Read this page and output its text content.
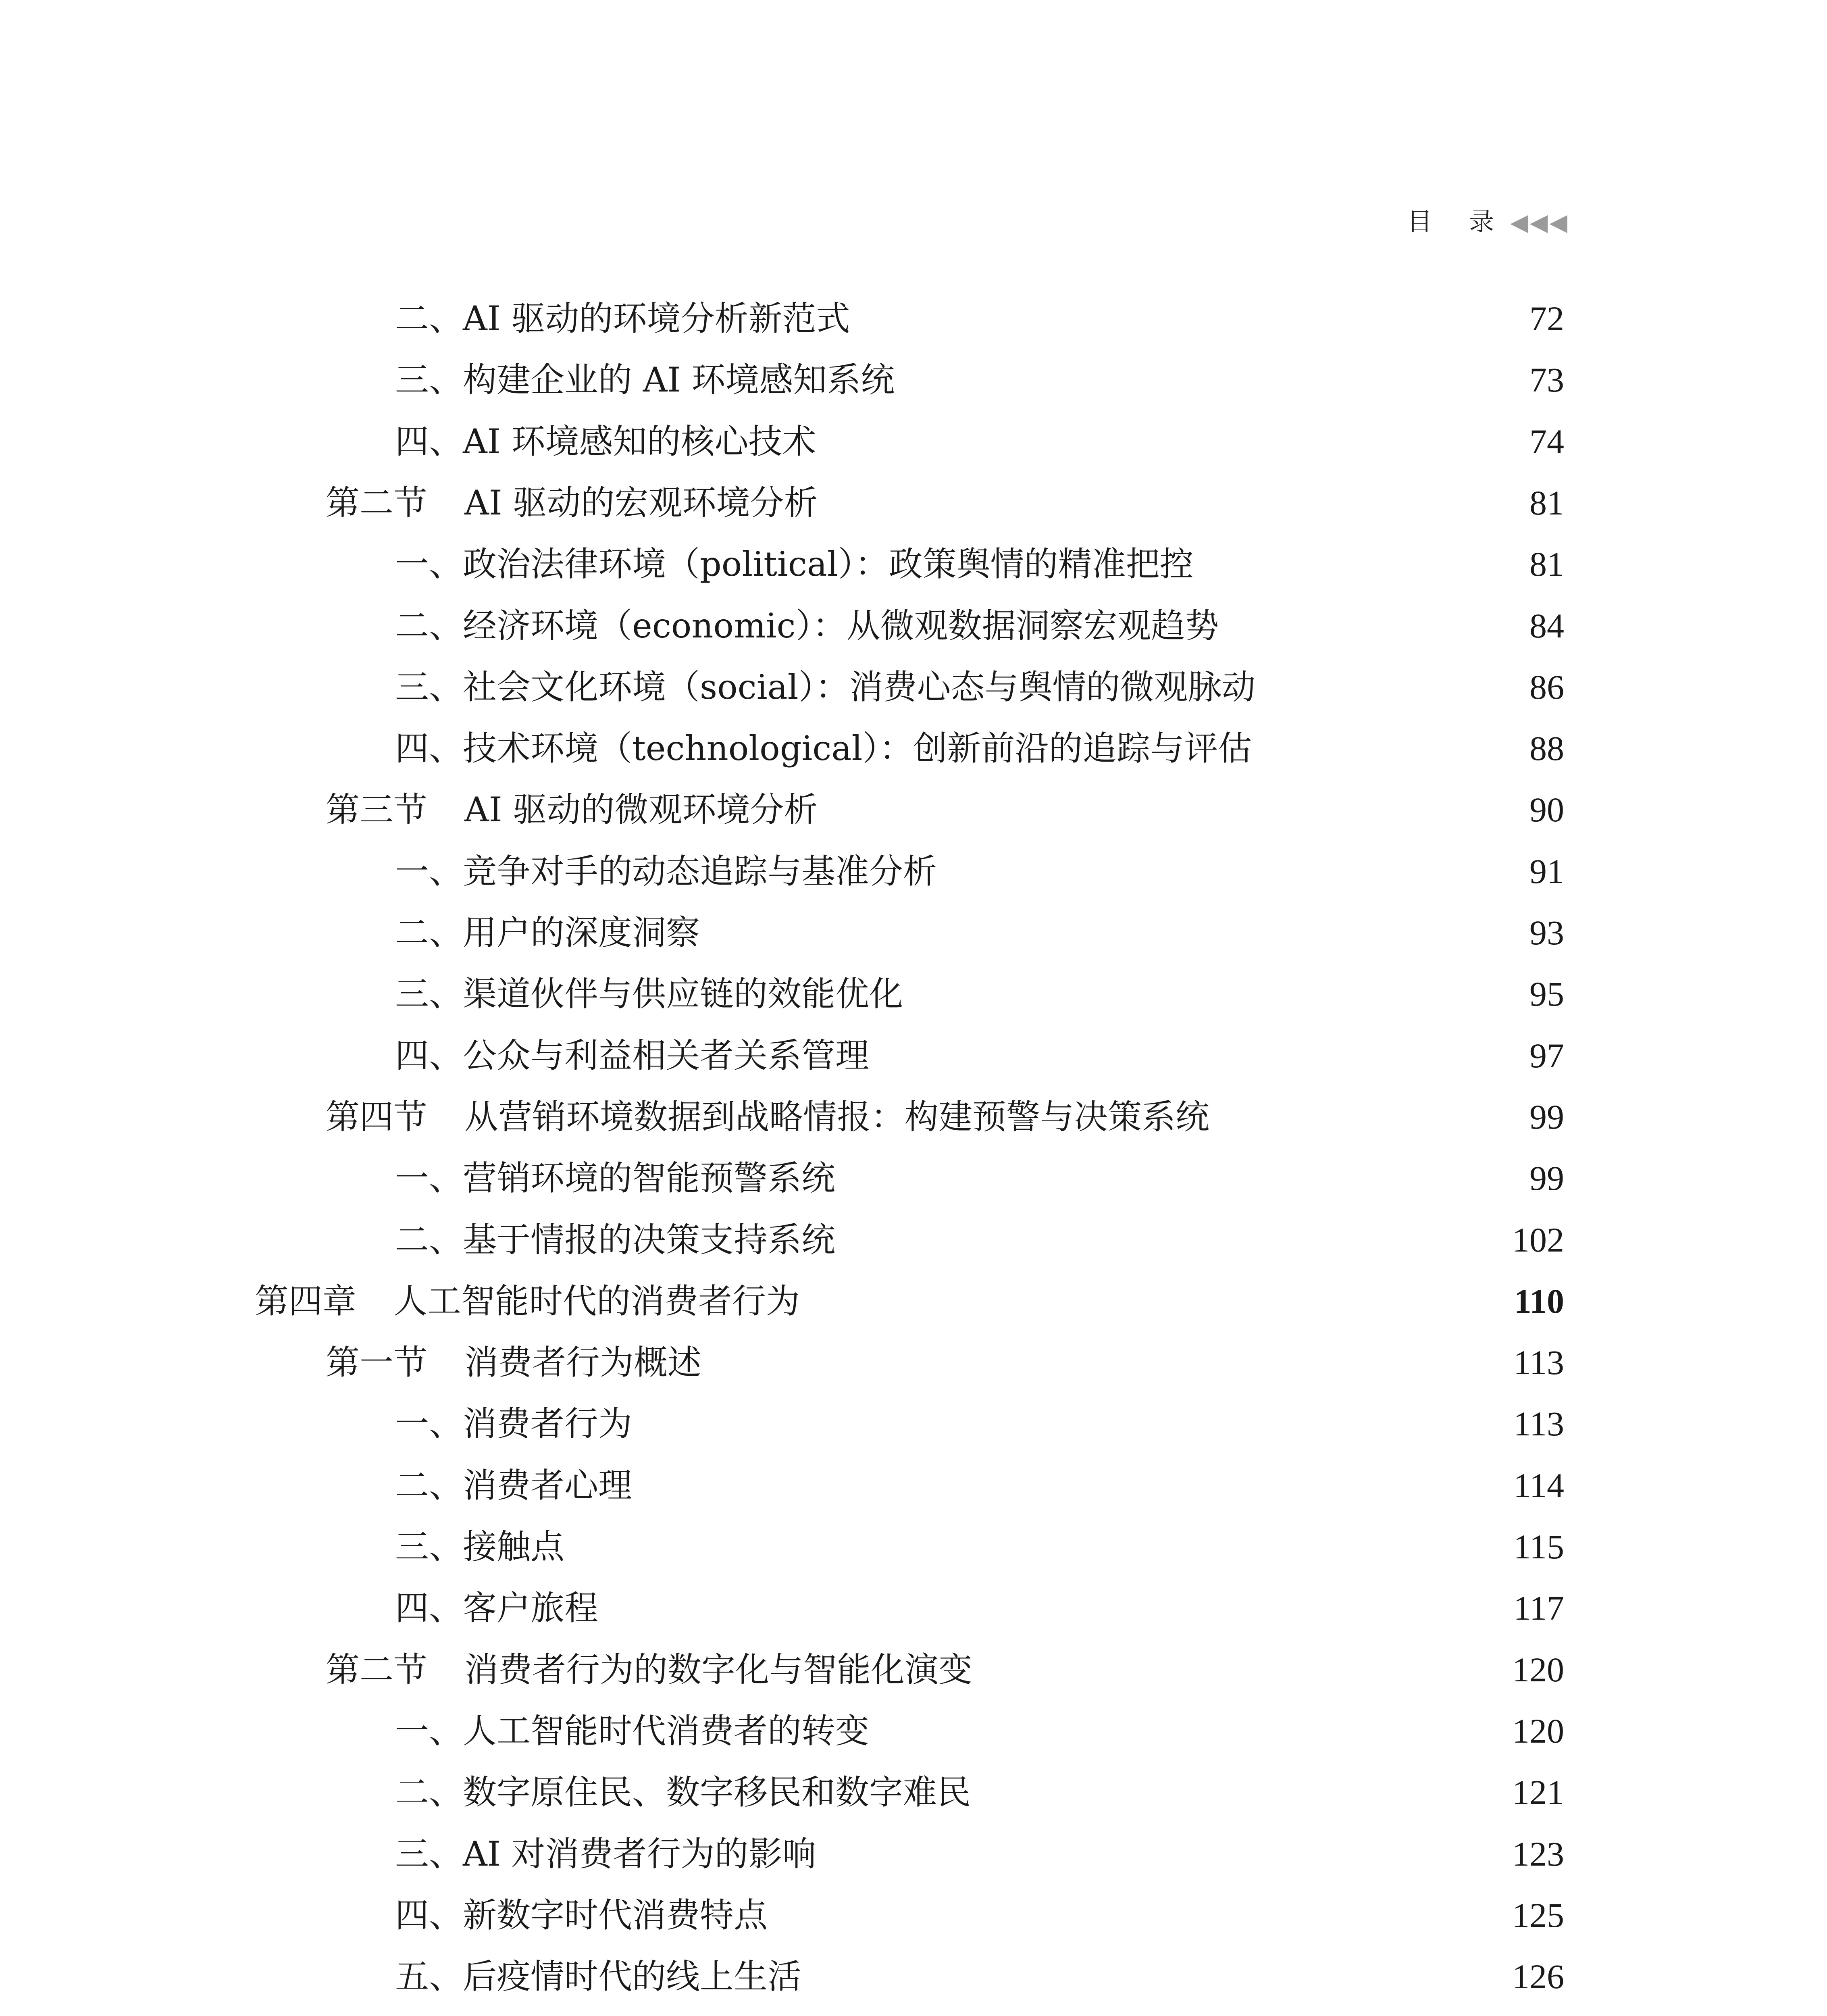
目 录◀◀◀
二、AI 驱动的环境分析新范式	72
三、构建企业的 AI 环境感知系统	73
四、AI 环境感知的核心技术	74
第二节 AI 驱动的宏观环境分析	81
一、政治法律环境（political）：政策舆情的精准把控	81
二、经济环境（economic）：从微观数据洞察宏观趋势	84
三、社会文化环境（social）：消费心态与舆情的微观脉动	86
四、技术环境（technological）：创新前沿的追踪与评估	88
第三节 AI 驱动的微观环境分析	90
一、竞争对手的动态追踪与基准分析	91
二、用户的深度洞察	93
三、渠道伙伴与供应链的效能优化	95
四、公众与利益相关者关系管理	97
第四节 从营销环境数据到战略情报：构建预警与决策系统	99
一、营销环境的智能预警系统	99
二、基于情报的决策支持系统	102
第四章 人工智能时代的消费者行为	110
第一节 消费者行为概述	113
一、消费者行为	113
二、消费者心理	114
三、接触点	115
四、客户旅程	117
第二节 消费者行为的数字化与智能化演变	120
一、人工智能时代消费者的转变	120
二、数字原住民、数字移民和数字难民	121
三、AI 对消费者行为的影响	123
四、新数字时代消费特点	125
五、后疫情时代的线上生活	126
